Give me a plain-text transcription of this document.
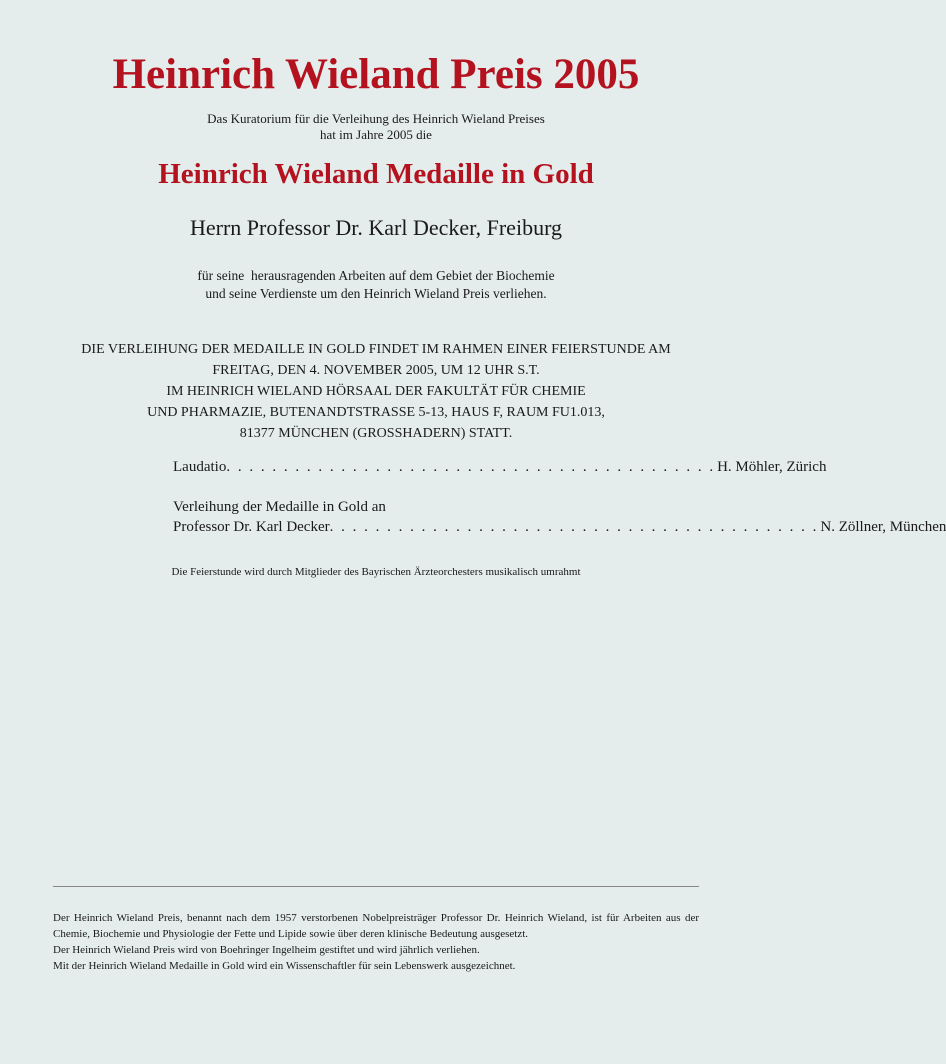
Heinrich Wieland Preis 2005
Das Kuratorium für die Verleihung des Heinrich Wieland Preises
hat im Jahre 2005 die
Heinrich Wieland Medaille in Gold
Herrn Professor Dr. Karl Decker, Freiburg
für seine  herausragenden Arbeiten auf dem Gebiet der Biochemie
und seine Verdienste um den Heinrich Wieland Preis verliehen.
DIE VERLEIHUNG DER MEDAILLE IN GOLD FINDET IM RAHMEN EINER FEIERSTUNDE AM
FREITAG, DEN 4. NOVEMBER 2005, UM 12 UHR S.T.
IM HEINRICH WIELAND HÖRSAAL DER FAKULTÄT FÜR CHEMIE
UND PHARMAZIE, BUTENANDTSTRASSE 5-13, HAUS F, RAUM FU1.013,
81377 MÜNCHEN (GROSSHADERN) STATT.
Laudatio . . . . . . . . . . . . . . . . . . . . . . . . . . . . . . . . . . . . . . . . . . . H. Möhler, Zürich
Verleihung der Medaille in Gold an
Professor Dr. Karl Decker . . . . . . . . . . . . . . . . . . . . . . . . . . . . . . . . . . . . . . . . . . . N. Zöllner, München
Die Feierstunde wird durch Mitglieder des Bayrischen Ärzteorchesters musikalisch umrahmt
Der Heinrich Wieland Preis, benannt nach dem 1957 verstorbenen Nobelpreisträger Professor Dr. Heinrich Wieland, ist für Arbeiten aus der Chemie, Biochemie und Physiologie der Fette und Lipide sowie über deren klinische Bedeutung ausgesetzt.
Der Heinrich Wieland Preis wird von Boehringer Ingelheim gestiftet und wird jährlich verliehen.
Mit der Heinrich Wieland Medaille in Gold wird ein Wissenschaftler für sein Lebenswerk ausgezeichnet.
